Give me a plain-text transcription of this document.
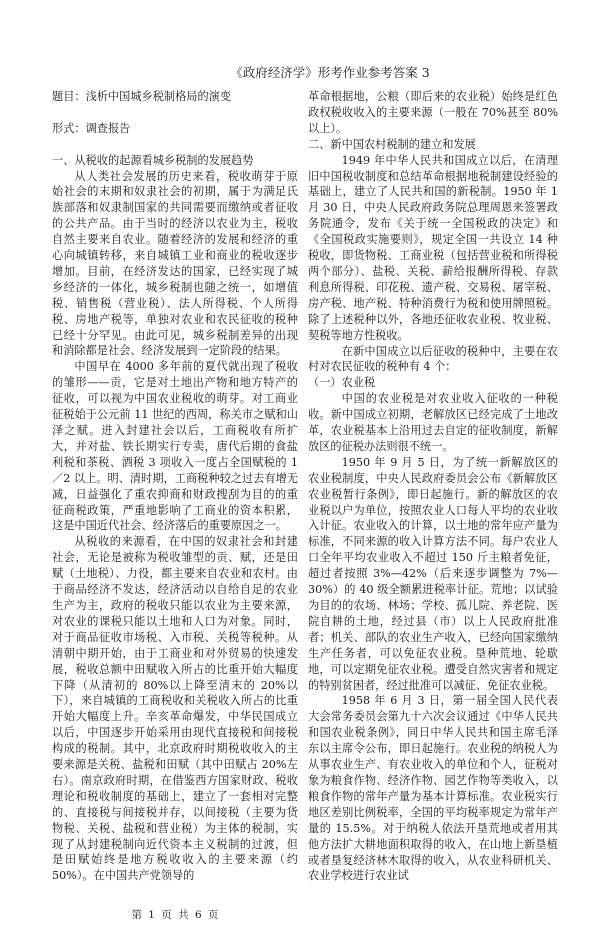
《政府经济学》形考作业参考答案 3

题目：浅析中国城乡税制格局的演变

形式：调查报告

一、从税收的起源看城乡税制的发展趋势

从人类社会发展的历史来看，税收萌芽于原始社会的末期和奴隶社会的初期，属于为满足氏族部落和奴隶制国家的共同需要而缴纳或者征收的公共产品。由于当时的经济以农业为主，税收自然主要来自农业。随着经济的发展和经济的重心向城镇转移，来自城镇工业和商业的税收逐步增加。目前，在经济发达的国家，已经实现了城乡经济的一体化，城乡税制也随之统一，如增值税、销售税（营业税）、法人所得税、个人所得税、房地产税等，单独对农业和农民征收的税种已经十分罕见。由此可见，城乡税制差异的出现和消除都是社会、经济发展到一定阶段的结果。

中国早在 4000 多年前的夏代就出现了税收的雏形——贡，它是对土地出产物和地方特产的征收，可以视为中国农业税收的萌芽。对工商业征税始于公元前 11 世纪的西周，称关市之赋和山泽之赋。进入封建社会以后，工商税收有所扩大，并对盐、铁长期实行专卖，唐代后期的食盐利税和茶税、酒税 3 项收入一度占全国赋税的 1／2 以上。明、清时期，工商税种较之过去有增无减，日益强化了重农抑商和财政搜刮为目的的重征商税政策，严重地影响了工商业的资本积累，这是中国近代社会、经济落后的重要原因之一。

从税收的来源看，在中国的奴隶社会和封建社会，无论是被称为税收雏型的贡、赋，还是田赋（土地税）、力役，都主要来自农业和农村。由于商品经济不发达，经济活动以自给自足的农业生产为主，政府的税收只能以农业为主要来源，对农业的课税只能以土地和人口为对象。同时，对于商品征收市场税、入市税、关税等税种。从清朝中期开始，由于工商业和对外贸易的快速发展，税收总额中田赋收入所占的比重开始大幅度下降（从清初的 80%以上降至清末的 20%以下），来自城镇的工商税收和关税收入所占的比重开始大幅度上升。辛亥革命爆发，中华民国成立以后，中国逐步开始采用由现代直接税和间接税构成的税制。其中，北京政府时期税收收入的主要来源是关税、盐税和田赋（其中田赋占 20%左右）。南京政府时期，在借鉴西方国家财政、税收理论和税收制度的基础上，建立了一套相对完整的、直接税与间接税并存，以间接税（主要为货物税、关税、盐税和营业税）为主体的税制，实现了从封建税制向近代资本主义税制的过渡，但是田赋始终是地方税收收入的主要来源（约 50%）。在中国共产党领导的

第 1 页 共 6 页

革命根据地，公粮（即后来的农业税）始终是红色政权税收收入的主要来源（一般在 70%甚至 80%以上）。

二、新中国农村税制的建立和发展

1949 年中华人民共和国成立以后，在清理旧中国税收制度和总结革命根据地税制建设经验的基础上，建立了人民共和国的新税制。1950 年 1 月 30 日，中央人民政府政务院总理周恩来签署政务院通令，发布《关于统一全国税政的决定》和《全国税政实施要则》，规定全国一共设立 14 种税收，即货物税、工商业税（包括营业税和所得税两个部分）、盐税、关税、薪给报酬所得税、存款利息所得税、印花税、遗产税、交易税、屠宰税、房产税、地产税、特种消费行为税和使用牌照税。除了上述税种以外，各地还征收农业税、牧业税、契税等地方性税收。

在新中国成立以后征收的税种中，主要在农村对农民征收的税种有 4 个：

（一）农业税

中国的农业税是对农业收入征收的一种税收。新中国成立初期，老解放区已经完成了土地改革，农业税基本上沿用过去自定的征收制度，新解放区的征税办法则很不统一。

1950 年 9 月 5 日，为了统一新解放区的农业税制度，中央人民政府委员会公布《新解放区农业税暂行条例》，即日起施行。新的解放区的农业税以户为单位，按照农业人口每人平均的农业收入计征。农业收入的计算，以土地的常年应产量为标准，不同来源的收入计算方法不同。每户农业人口全年平均农业收入不超过 150 斤主粮者免征，超过者按照 3%—42%（后来逐步调整为 7%—30%）的 40 级全额累进税率计征。荒地；以试验为目的的农场、林场；学校、孤儿院、养老院、医院自耕的土地，经过县（市）以上人民政府批准者；机关、部队的农业生产收入，已经向国家缴纳生产任务者，可以免征农业税。垦种荒地、轮歇地，可以定期免征农业税。遭受自然灾害者和规定的特别贫困者，经过批准可以减征、免征农业税。

1958 年 6 月 3 日，第一届全国人民代表大会常务委员会第九十六次会议通过《中华人民共和国农业税条例》，同日中华人民共和国主席毛泽东以主席令公布，即日起施行。农业税的纳税人为从事农业生产、有农业收入的单位和个人，征税对象为粮食作物、经济作物、园艺作物等类收入，以粮食作物的常年产量为基本计算标准。农业税实行地区差别比例税率，全国的平均税率规定为常年产量的 15.5%。对于纳税人依法开垦荒地或者用其他方法扩大耕地面积取得的收入，在山地上新垦植或者垦复经济林木取得的收入，从农业科研机关、农业学校进行农业试
